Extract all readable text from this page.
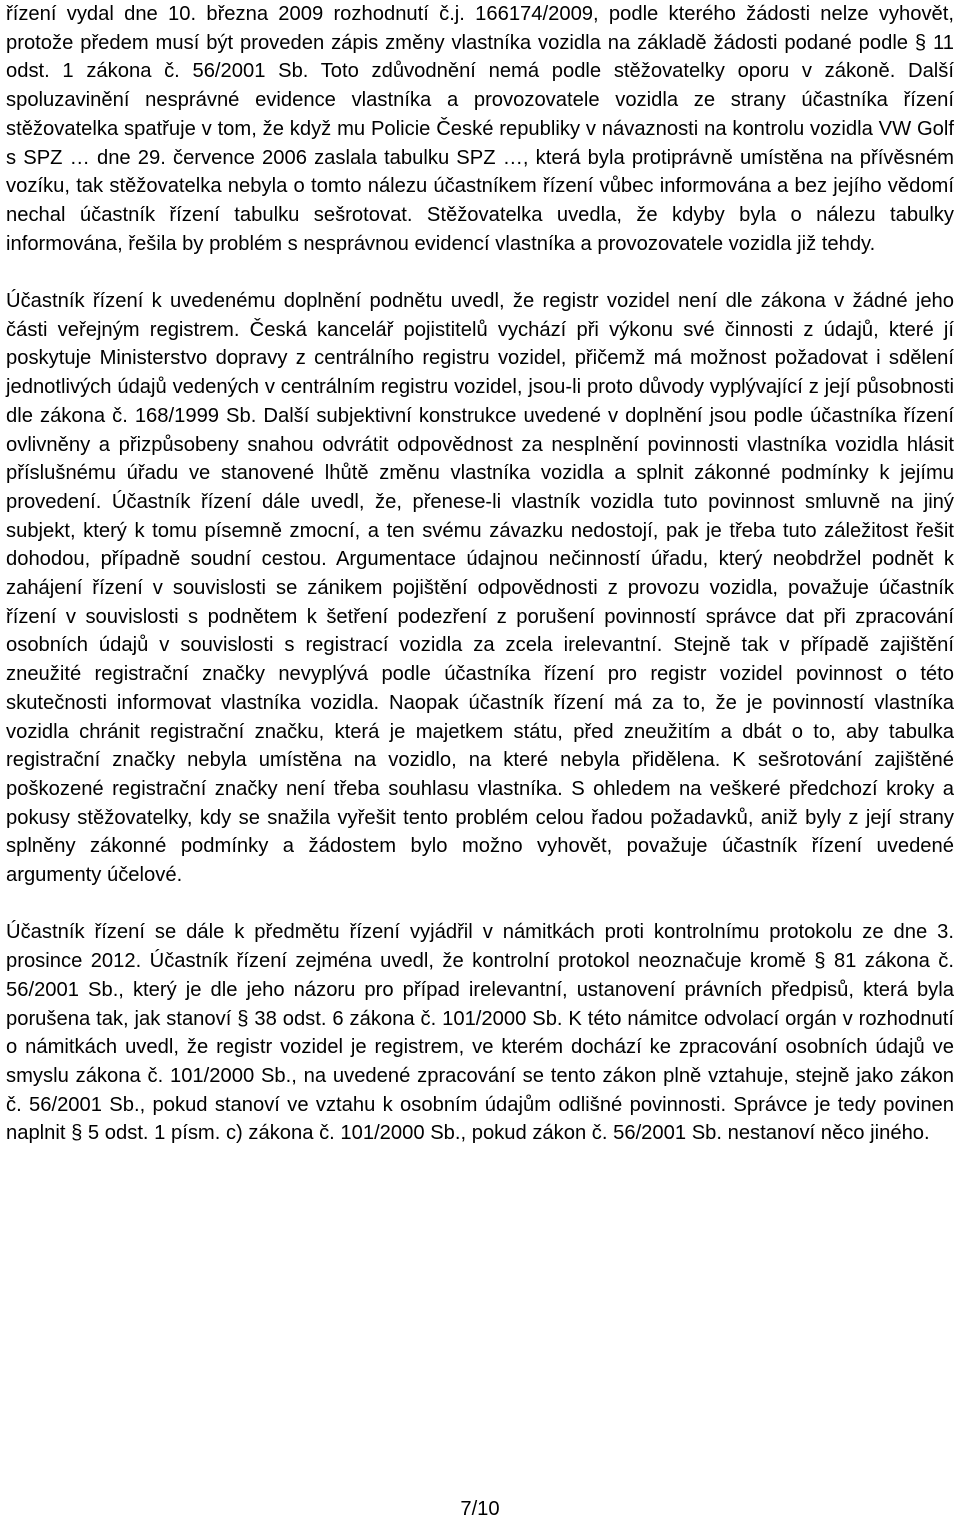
řízení vydal dne 10. března 2009 rozhodnutí č.j. 166174/2009, podle kterého žádosti nelze vyhovět, protože předem musí být proveden zápis změny vlastníka vozidla na základě žádosti podané podle § 11 odst. 1 zákona č. 56/2001 Sb. Toto zdůvodnění nemá podle stěžovatelky oporu v zákoně. Další spoluzavinění nesprávné evidence vlastníka a provozovatele vozidla ze strany účastníka řízení stěžovatelka spatřuje v tom, že když mu Policie České republiky v návaznosti na kontrolu vozidla VW Golf s SPZ … dne 29. července 2006 zaslala tabulku SPZ …, která byla protiprávně umístěna na přívěsném vozíku, tak stěžovatelka nebyla o tomto nálezu účastníkem řízení vůbec informována a bez jejího vědomí nechal účastník řízení tabulku sešrotovat. Stěžovatelka uvedla, že kdyby byla o nálezu tabulky informována, řešila by problém s nesprávnou evidencí vlastníka a provozovatele vozidla již tehdy.

Účastník řízení k uvedenému doplnění podnětu uvedl, že registr vozidel není dle zákona v žádné jeho části veřejným registrem. Česká kancelář pojistitelů vychází při výkonu své činnosti z údajů, které jí poskytuje Ministerstvo dopravy z centrálního registru vozidel, přičemž má možnost požadovat i sdělení jednotlivých údajů vedených v centrálním registru vozidel, jsou-li proto důvody vyplývající z její působnosti dle zákona č. 168/1999 Sb. Další subjektivní konstrukce uvedené v doplnění jsou podle účastníka řízení ovlivněny a přizpůsobeny snahou odvrátit odpovědnost za nesplnění povinnosti vlastníka vozidla hlásit příslušnému úřadu ve stanovené lhůtě změnu vlastníka vozidla a splnit zákonné podmínky k jejímu provedení. Účastník řízení dále uvedl, že, přenese-li vlastník vozidla tuto povinnost smluvně na jiný subjekt, který k tomu písemně zmocní, a ten svému závazku nedostojí, pak je třeba tuto záležitost řešit dohodou, případně soudní cestou. Argumentace údajnou nečinností úřadu, který neobdržel podnět k zahájení řízení v souvislosti se zánikem pojištění odpovědnosti z provozu vozidla, považuje účastník řízení v souvislosti s podnětem k šetření podezření z porušení povinností správce dat při zpracování osobních údajů v souvislosti s registrací vozidla za zcela irelevantní. Stejně tak v případě zajištění zneužité registrační značky nevyplývá podle účastníka řízení pro registr vozidel povinnost o této skutečnosti informovat vlastníka vozidla. Naopak účastník řízení má za to, že je povinností vlastníka vozidla chránit registrační značku, která je majetkem státu, před zneužitím a dbát o to, aby tabulka registrační značky nebyla umístěna na vozidlo, na které nebyla přidělena. K sešrotování zajištěné poškozené registrační značky není třeba souhlasu vlastníka. S ohledem na veškeré předchozí kroky a pokusy stěžovatelky, kdy se snažila vyřešit tento problém celou řadou požadavků, aniž byly z její strany splněny zákonné podmínky a žádostem bylo možno vyhovět, považuje účastník řízení uvedené argumenty účelové.

Účastník řízení se dále k předmětu řízení vyjádřil v námitkách proti kontrolnímu protokolu ze dne 3. prosince 2012. Účastník řízení zejména uvedl, že kontrolní protokol neoznačuje kromě § 81 zákona č. 56/2001 Sb., který je dle jeho názoru pro případ irelevantní, ustanovení právních předpisů, která byla porušena tak, jak stanoví § 38 odst. 6 zákona č. 101/2000 Sb. K této námitce odvolací orgán v rozhodnutí o námitkách uvedl, že registr vozidel je registrem, ve kterém dochází ke zpracování osobních údajů ve smyslu zákona č. 101/2000 Sb., na uvedené zpracování se tento zákon plně vztahuje, stejně jako zákon č. 56/2001 Sb., pokud stanoví ve vztahu k osobním údajům odlišné povinnosti. Správce je tedy povinen naplnit § 5 odst. 1 písm. c) zákona č. 101/2000 Sb., pokud zákon č. 56/2001 Sb. nestanoví něco jiného.

7/10
